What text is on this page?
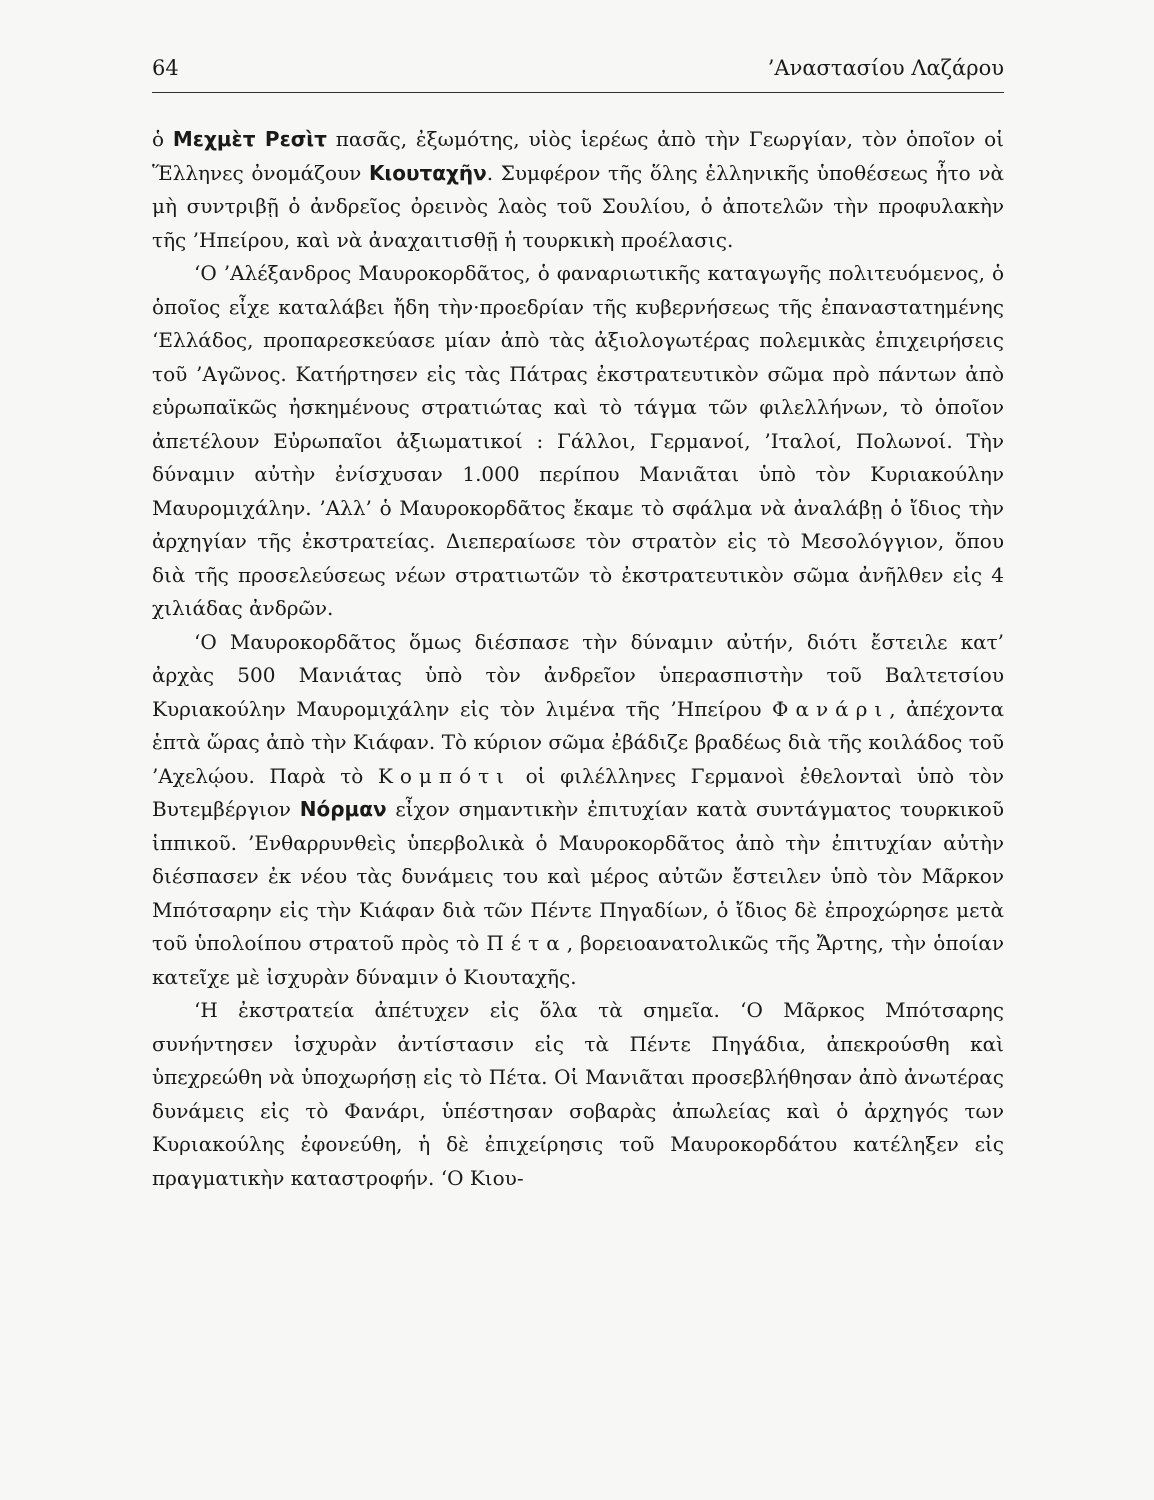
64	’Αναστασίου Λαζάρου

ὁ Μεχμὲτ Ρεσὶτ πασᾶς, ἐξωμότης, υἱὸς ἱερέως ἀπὸ τὴν Γεωργίαν, τὸν ὁποῖον οἱ Ἕλληνες ὀνομάζουν Κιουταχῆν. Συμφέρον τῆς ὅλης ἑλληνικῆς ὑποθέσεως ἦτο νὰ μὴ συντριβῇ ὁ ἀνδρεῖος ὀρεινὸς λαὸς τοῦ Σουλίου, ὁ ἀποτελῶν τὴν προφυλακὴν τῆς ’Ηπείρου, καὶ νὰ ἀναχαιτισθῇ ἡ τουρκικὴ προέλασις.

‘Ο ’Αλέξανδρος Μαυροκορδᾶτος, ὁ φαναριωτικῆς καταγωγῆς πολιτευόμενος, ὁ ὁποῖος εἶχε καταλάβει ἤδη τὴν·προεδρίαν τῆς κυβερνήσεως τῆς ἐπαναστατημένης ‘Ελλάδος, προπαρεσκεύασε μίαν ἀπὸ τὰς ἀξιολογωτέρας πολεμικὰς ἐπιχειρήσεις τοῦ ’Αγῶνος. Κατήρτησεν εἰς τὰς Πάτρας ἐκστρατευτικὸν σῶμα πρὸ πάντων ἀπὸ εὐρωπαϊκῶς ἠσκημένους στρατιώτας καὶ τὸ τάγμα τῶν φιλελλήνων, τὸ ὁποῖον ἀπετέλουν Εὐρωπαῖοι ἀξιωματικοί : Γάλλοι, Γερμανοί, ’Ιταλοί, Πολωνοί. Τὴν δύναμιν αὐτὴν ἐνίσχυσαν 1.000 περίπου Μανιᾶται ὑπὸ τὸν Κυριακούλην Μαυρομιχάλην. ’Αλλ’ ὁ Μαυροκορδᾶτος ἔκαμε τὸ σφάλμα νὰ ἀναλάβῃ ὁ ἴδιος τὴν ἀρχηγίαν τῆς ἐκστρατείας. Διεπεραίωσε τὸν στρατὸν εἰς τὸ Μεσολόγγιον, ὅπου διὰ τῆς προσελεύσεως νέων στρατιωτῶν τὸ ἐκστρατευτικὸν σῶμα ἀνῆλθεν εἰς 4 χιλιάδας ἀνδρῶν.

‘Ο Μαυροκορδᾶτος ὅμως διέσπασε τὴν δύναμιν αὐτήν, διότι ἔστειλε κατ’ ἀρχὰς 500 Μανιάτας ὑπὸ τὸν ἀνδρεῖον ὑπερασπιστὴν τοῦ Βαλτετσίου Κυριακούλην Μαυρομιχάλην εἰς τὸν λιμένα τῆς ’Ηπείρου Φανάρι, ἀπέχοντα ἑπτὰ ὥρας ἀπὸ τὴν Κιάφαν. Τὸ κύριον σῶμα ἐβάδιζε βραδέως διὰ τῆς κοιλάδος τοῦ ’Αχελῴου. Παρὰ τὸ Κομπότι οἱ φιλέλληνες Γερμανοὶ ἐθελονταὶ ὑπὸ τὸν Βυτεμβέργιον Νόρμαν εἶχον σημαντικὴν ἐπιτυχίαν κατὰ συντάγματος τουρκικοῦ ἱππικοῦ. ’Ενθαρρυνθεὶς ὑπερβολικὰ ὁ Μαυροκορδᾶτος ἀπὸ τὴν ἐπιτυχίαν αὐτὴν διέσπασεν ἐκ νέου τὰς δυνάμεις του καὶ μέρος αὐτῶν ἔστειλεν ὑπὸ τὸν Μᾶρκον Μπότσαρην εἰς τὴν Κιάφαν διὰ τῶν Πέντε Πηγαδίων, ὁ ἴδιος δὲ ἐπροχώρησε μετὰ τοῦ ὑπολοίπου στρατοῦ πρὸς τὸ Πέτα, βορειοανατολικῶς τῆς Ἄρτης, τὴν ὁποίαν κατεῖχε μὲ ἰσχυρὰν δύναμιν ὁ Κιουταχῆς.

‘Η ἐκστρατεία ἀπέτυχεν εἰς ὅλα τὰ σημεῖα. ‘Ο Μᾶρκος Μπότσαρης συνήντησεν ἰσχυρὰν ἀντίστασιν εἰς τὰ Πέντε Πηγάδια, ἀπεκρούσθη καὶ ὑπεχρεώθη νὰ ὑποχωρήσῃ εἰς τὸ Πέτα. Οἱ Μανιᾶται προσεβλήθησαν ἀπὸ ἀνωτέρας δυνάμεις εἰς τὸ Φανάρι, ὑπέστησαν σοβαρὰς ἀπωλείας καὶ ὁ ἀρχηγός των Κυριακούλης ἐφονεύθη, ἡ δὲ ἐπιχείρησις τοῦ Μαυροκορδάτου κατέληξεν εἰς πραγματικὴν καταστροφήν. ‘Ο Κιου-
